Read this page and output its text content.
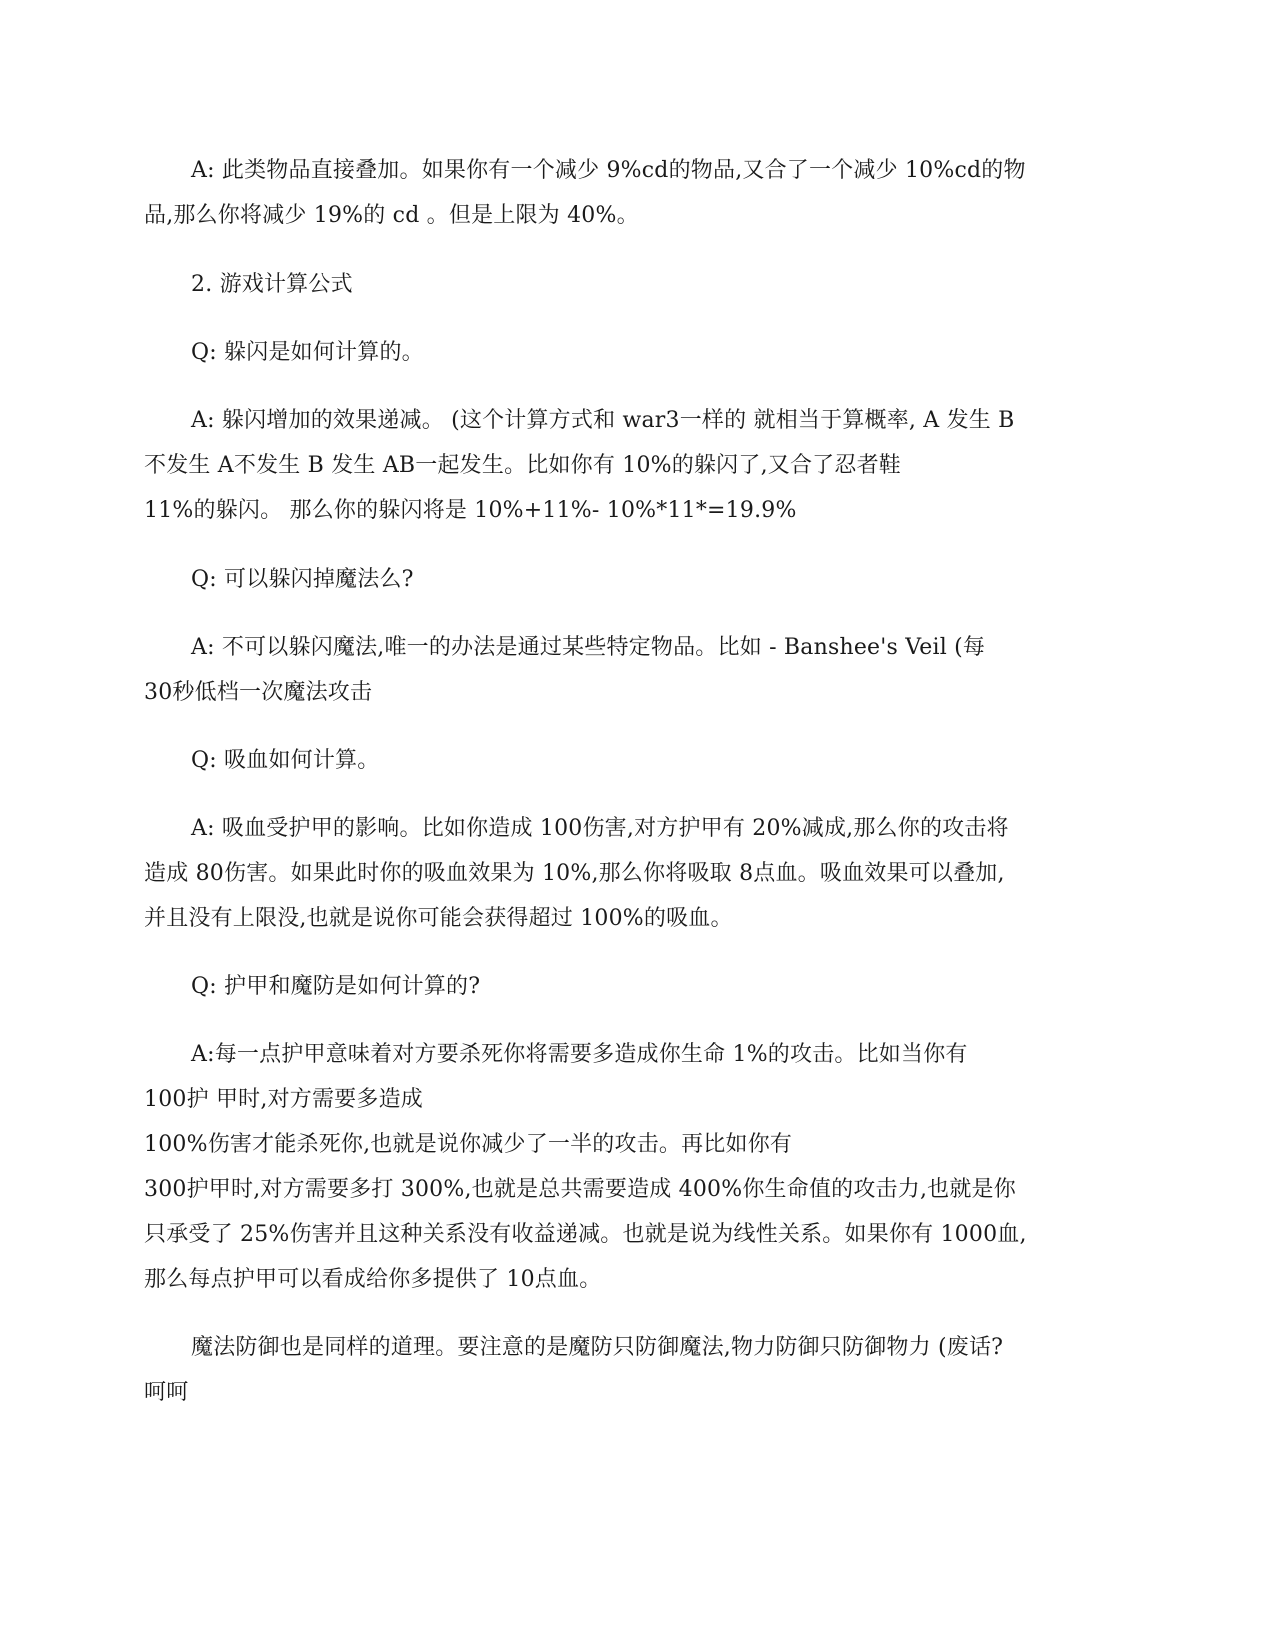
A: 此类物品直接叠加。如果你有一个减少 9%cd的物品,又合了一个减少 10%cd的物
品,那么你将减少 19%的 cd 。但是上限为 40%。
2. 游戏计算公式
Q: 躲闪是如何计算的。
A: 躲闪增加的效果递减。 (这个计算方式和 war3一样的 就相当于算概率, A 发生 B
不发生 A不发生 B 发生 AB一起发生。比如你有 10%的躲闪了,又合了忍者鞋
11%的躲闪。 那么你的躲闪将是 10%+11%- 10%*11*=19.9%
Q: 可以躲闪掉魔法么?
A: 不可以躲闪魔法,唯一的办法是通过某些特定物品。比如 - Banshee's Veil (每
30秒低档一次魔法攻击
Q: 吸血如何计算。
A: 吸血受护甲的影响。比如你造成 100伤害,对方护甲有 20%减成,那么你的攻击将
造成 80伤害。如果此时你的吸血效果为 10%,那么你将吸取 8点血。吸血效果可以叠加,
并且没有上限没,也就是说你可能会获得超过 100%的吸血。
Q: 护甲和魔防是如何计算的?
A:每一点护甲意味着对方要杀死你将需要多造成你生命 1%的攻击。比如当你有
100护 甲时,对方需要多造成
100%伤害才能杀死你,也就是说你减少了一半的攻击。再比如你有
300护甲时,对方需要多打 300%,也就是总共需要造成 400%你生命值的攻击力,也就是你
只承受了 25%伤害并且这种关系没有收益递减。也就是说为线性关系。如果你有 1000血,
那么每点护甲可以看成给你多提供了 10点血。
魔法防御也是同样的道理。要注意的是魔防只防御魔法,物力防御只防御物力 (废话?
呵呵
